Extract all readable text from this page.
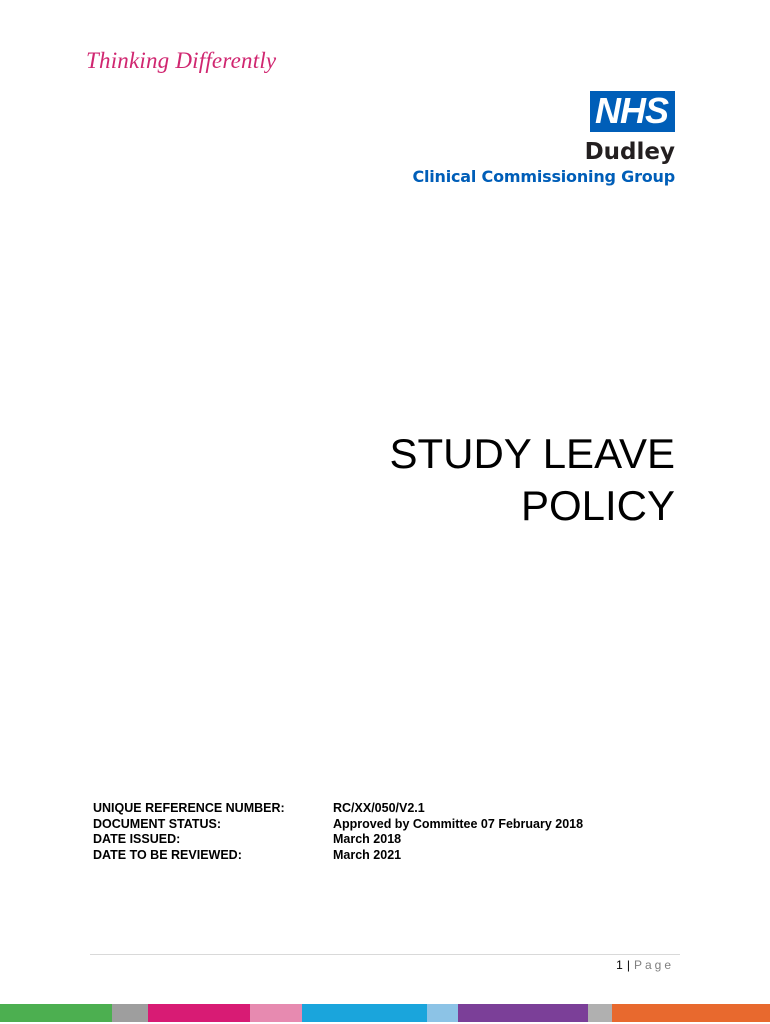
Thinking Differently
NHS
Dudley
Clinical Commissioning Group
STUDY LEAVE
POLICY
UNIQUE REFERENCE NUMBER:	RC/XX/050/V2.1
DOCUMENT STATUS:	Approved by Committee 07 February 2018
DATE ISSUED:	March 2018
DATE TO BE REVIEWED:	March 2021
1 | Page
